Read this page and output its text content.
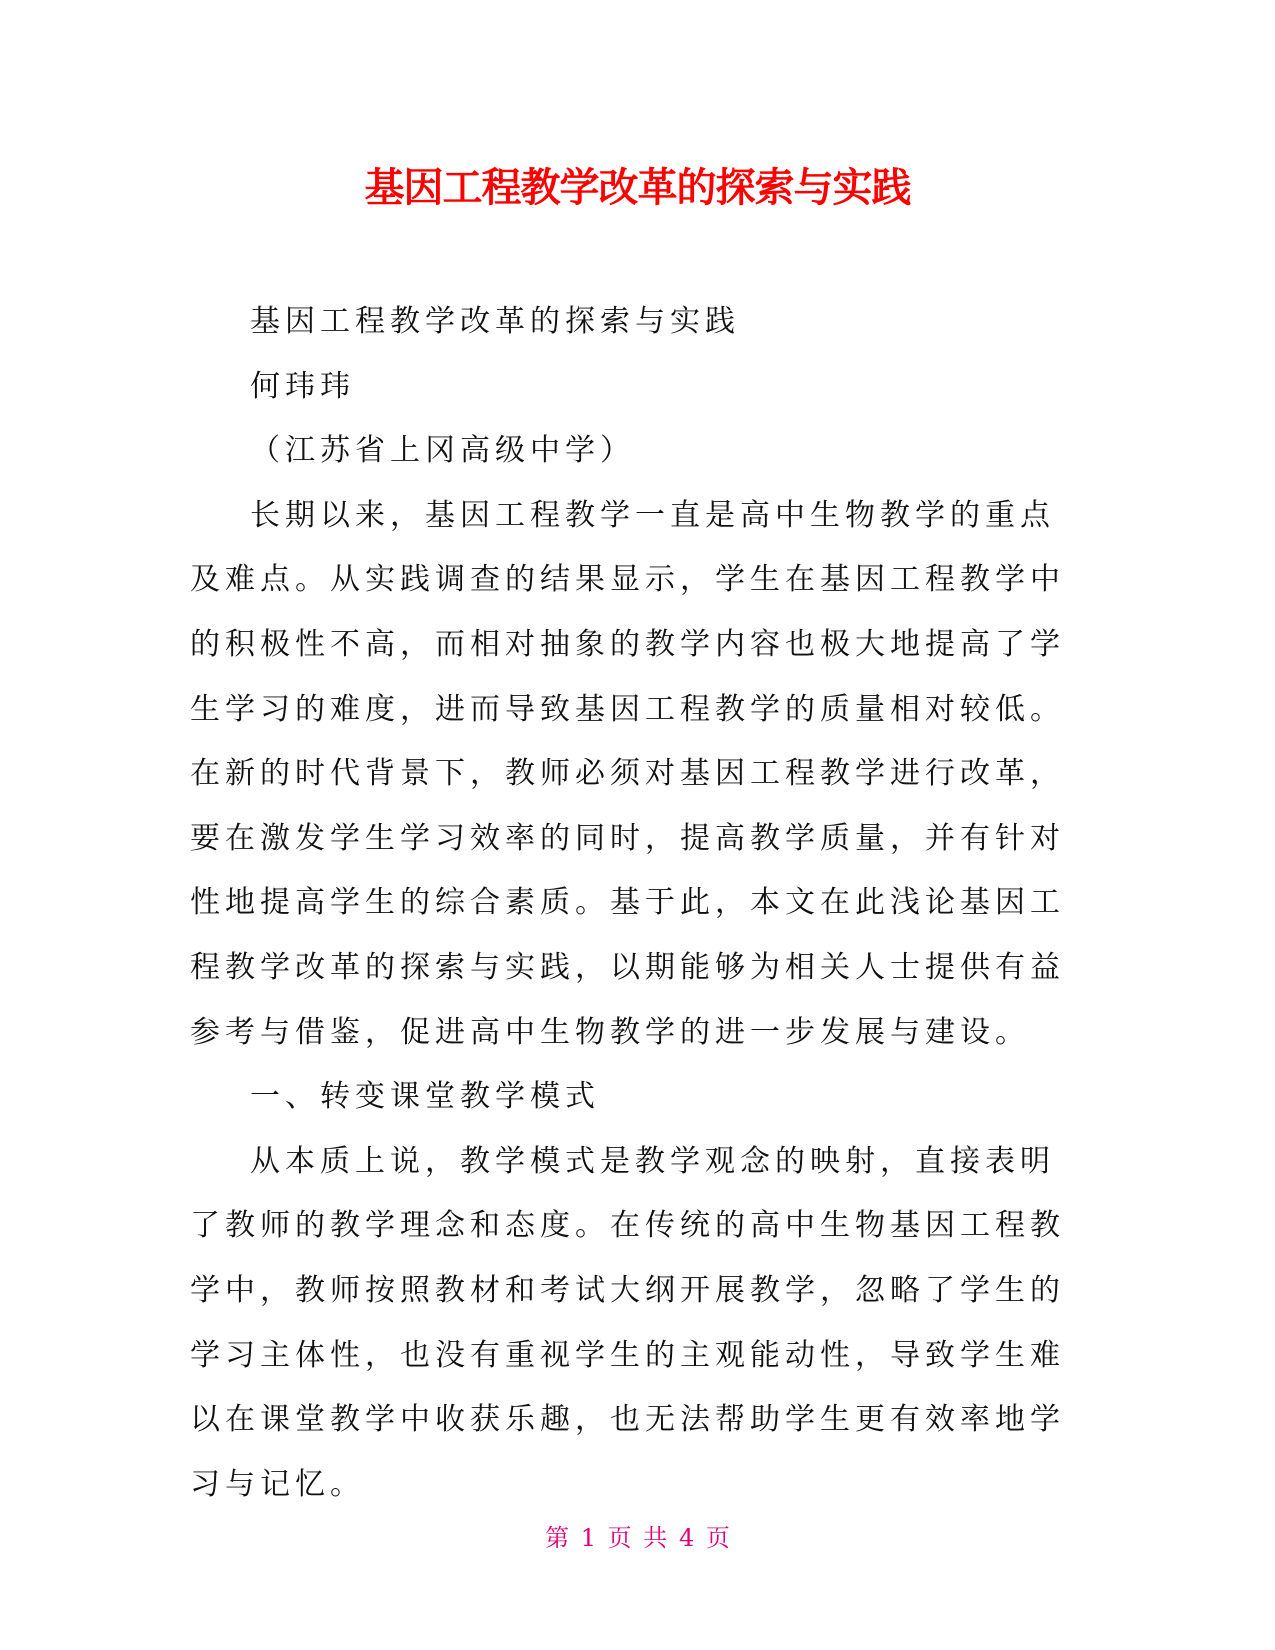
基因工程教学改革的探索与实践

基因工程教学改革的探索与实践

何玮玮

（江苏省上冈高级中学）

长期以来，基因工程教学一直是高中生物教学的重点及难点。从实践调查的结果显示，学生在基因工程教学中的积极性不高，而相对抽象的教学内容也极大地提高了学生学习的难度，进而导致基因工程教学的质量相对较低。在新的时代背景下，教师必须对基因工程教学进行改革，要在激发学生学习效率的同时，提高教学质量，并有针对性地提高学生的综合素质。基于此，本文在此浅论基因工程教学改革的探索与实践，以期能够为相关人士提供有益参考与借鉴，促进高中生物教学的进一步发展与建设。

一、转变课堂教学模式

从本质上说，教学模式是教学观念的映射，直接表明了教师的教学理念和态度。在传统的高中生物基因工程教学中，教师按照教材和考试大纲开展教学，忽略了学生的学习主体性，也没有重视学生的主观能动性，导致学生难以在课堂教学中收获乐趣，也无法帮助学生更有效率地学习与记忆。

第 1 页 共 4 页
